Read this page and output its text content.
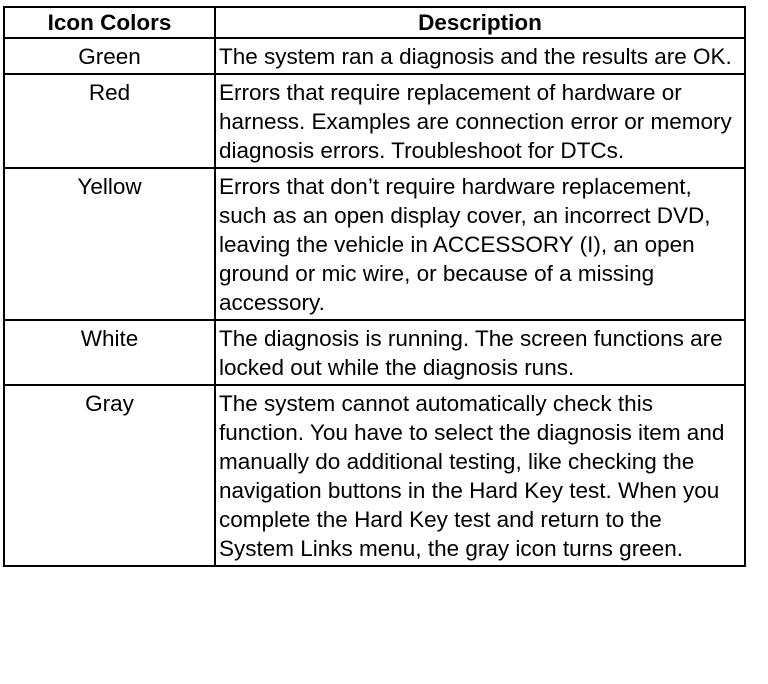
Icon Colors	Description
Green	The system ran a diagnosis and the results are OK.
Red	Errors that require replacement of hardware or harness. Examples are connection error or memory diagnosis errors. Troubleshoot for DTCs.
Yellow	Errors that don’t require hardware replacement, such as an open display cover, an incorrect DVD, leaving the vehicle in ACCESSORY (I), an open ground or mic wire, or because of a missing accessory.
White	The diagnosis is running. The screen functions are locked out while the diagnosis runs.
Gray	The system cannot automatically check this function. You have to select the diagnosis item and manually do additional testing, like checking the navigation buttons in the Hard Key test. When you complete the Hard Key test and return to the System Links menu, the gray icon turns green.
